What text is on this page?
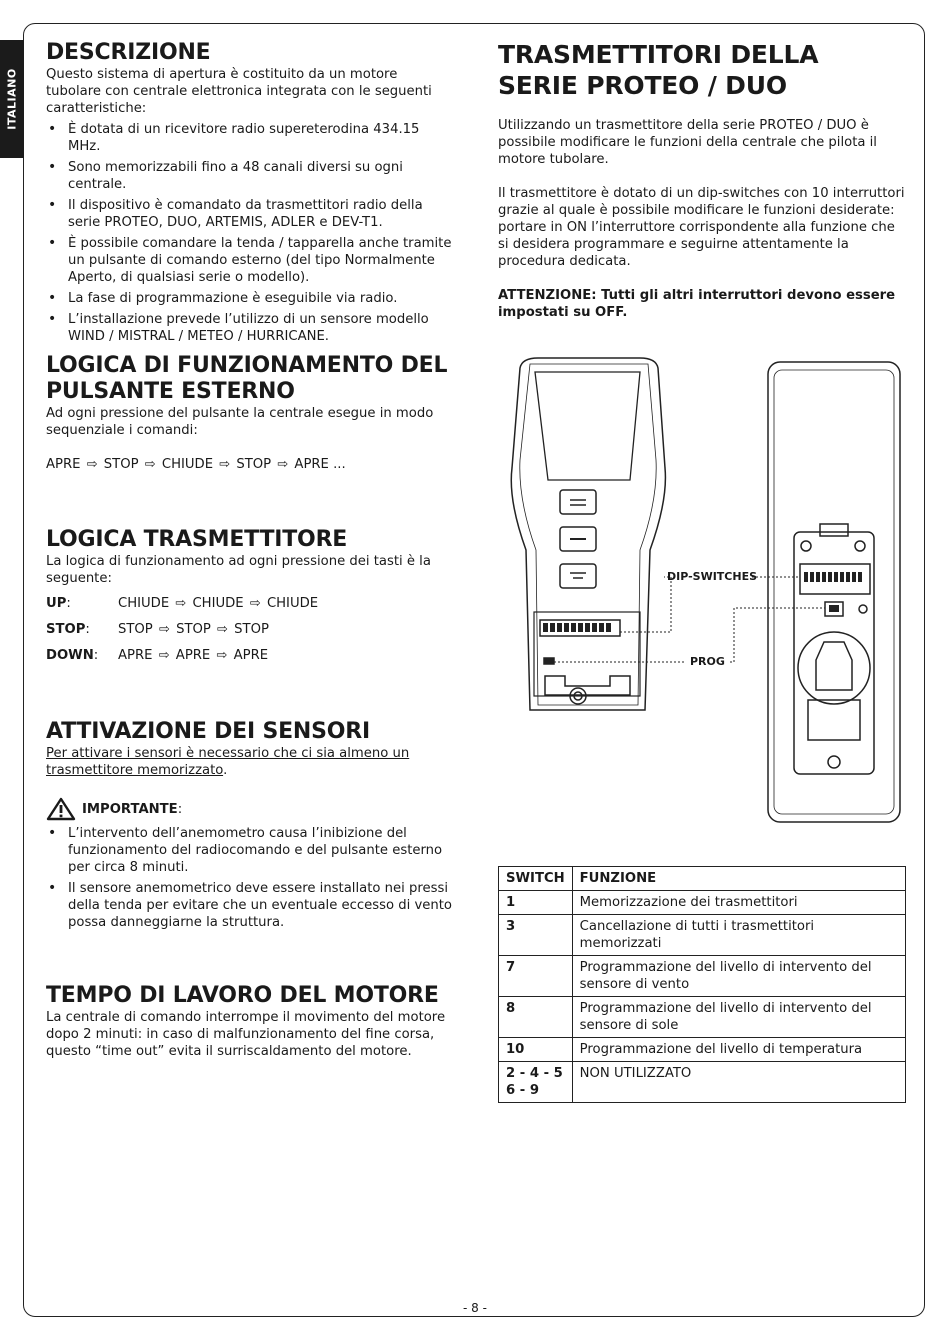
ITALIANO
DESCRIZIONE

Questo sistema di apertura è costituito da un motore tubolare con centrale elettronica integrata con le seguenti caratteristiche:

• È dotata di un ricevitore radio supereterodina 434.15 MHz.
• Sono memorizzabili fino a 48 canali diversi su ogni centrale.
• Il dispositivo è comandato da trasmettitori radio della serie PROTEO, DUO, ARTEMIS, ADLER e DEV-T1.
• È possibile comandare la tenda / tapparella anche tramite un pulsante di comando esterno (del tipo Normalmente Aperto, di qualsiasi serie o modello).
• La fase di programmazione è eseguibile via radio.
• L’installazione prevede l’utilizzo di un sensore modello WIND / MISTRAL / METEO / HURRICANE.
LOGICA DI FUNZIONAMENTO DEL
PULSANTE ESTERNO

Ad ogni pressione del pulsante la centrale esegue in modo sequenziale i comandi:

APRE ⇨ STOP ⇨ CHIUDE ⇨ STOP ⇨ APRE ...

LOGICA TRASMETTITORE

La logica di funzionamento ad ogni pressione dei tasti è la seguente:

UP:	CHIUDE ⇨ CHIUDE ⇨ CHIUDE
STOP: STOP ⇨ STOP ⇨ STOP
DOWN: APRE ⇨ APRE ⇨ APRE
ATTIVAZIONE DEI SENSORI

Per attivare i sensori è necessario che ci sia almeno un
trasmettitore memorizzato.

IMPORTANTE:
• L’intervento dell’anemometro causa l’inibizione del funzionamento del radiocomando e del pulsante esterno per circa 8 minuti.
• Il sensore anemometrico deve essere installato nei pressi della tenda per evitare che un eventuale eccesso di vento possa danneggiarne la struttura.
TEMPO DI LAVORO DEL MOTORE

La centrale di comando interrompe il movimento del motore dopo 2 minuti: in caso di malfunzionamento del fine corsa, questo “time out” evita il surriscaldamento del motore.

TRASMETTITORI DELLA
SERIE PROTEO / DUO

Utilizzando un trasmettitore della serie PROTEO / DUO è possibile modificare le funzioni della centrale che pilota il motore tubolare.

Il trasmettitore è dotato di un dip-switches con 10 interruttori grazie al quale è possibile modificare le funzioni desiderate: portare in ON l’interruttore corrispondente alla funzione che si desidera programmare e seguirne attentamente la procedura dedicata.

ATTENZIONE: Tutti gli altri interruttori devono essere impostati su OFF.

DIP-SWITCHES
PROG
SWITCH	FUNZIONE
1	Memorizzazione dei trasmettitori
3	Cancellazione di tutti i trasmettitori memorizzati
7	Programmazione del livello di intervento del sensore di vento
8	Programmazione del livello di intervento del sensore di sole
10	Programmazione del livello di temperatura
2 - 4 - 5
6 - 9	NON UTILIZZATO
- 8 -
